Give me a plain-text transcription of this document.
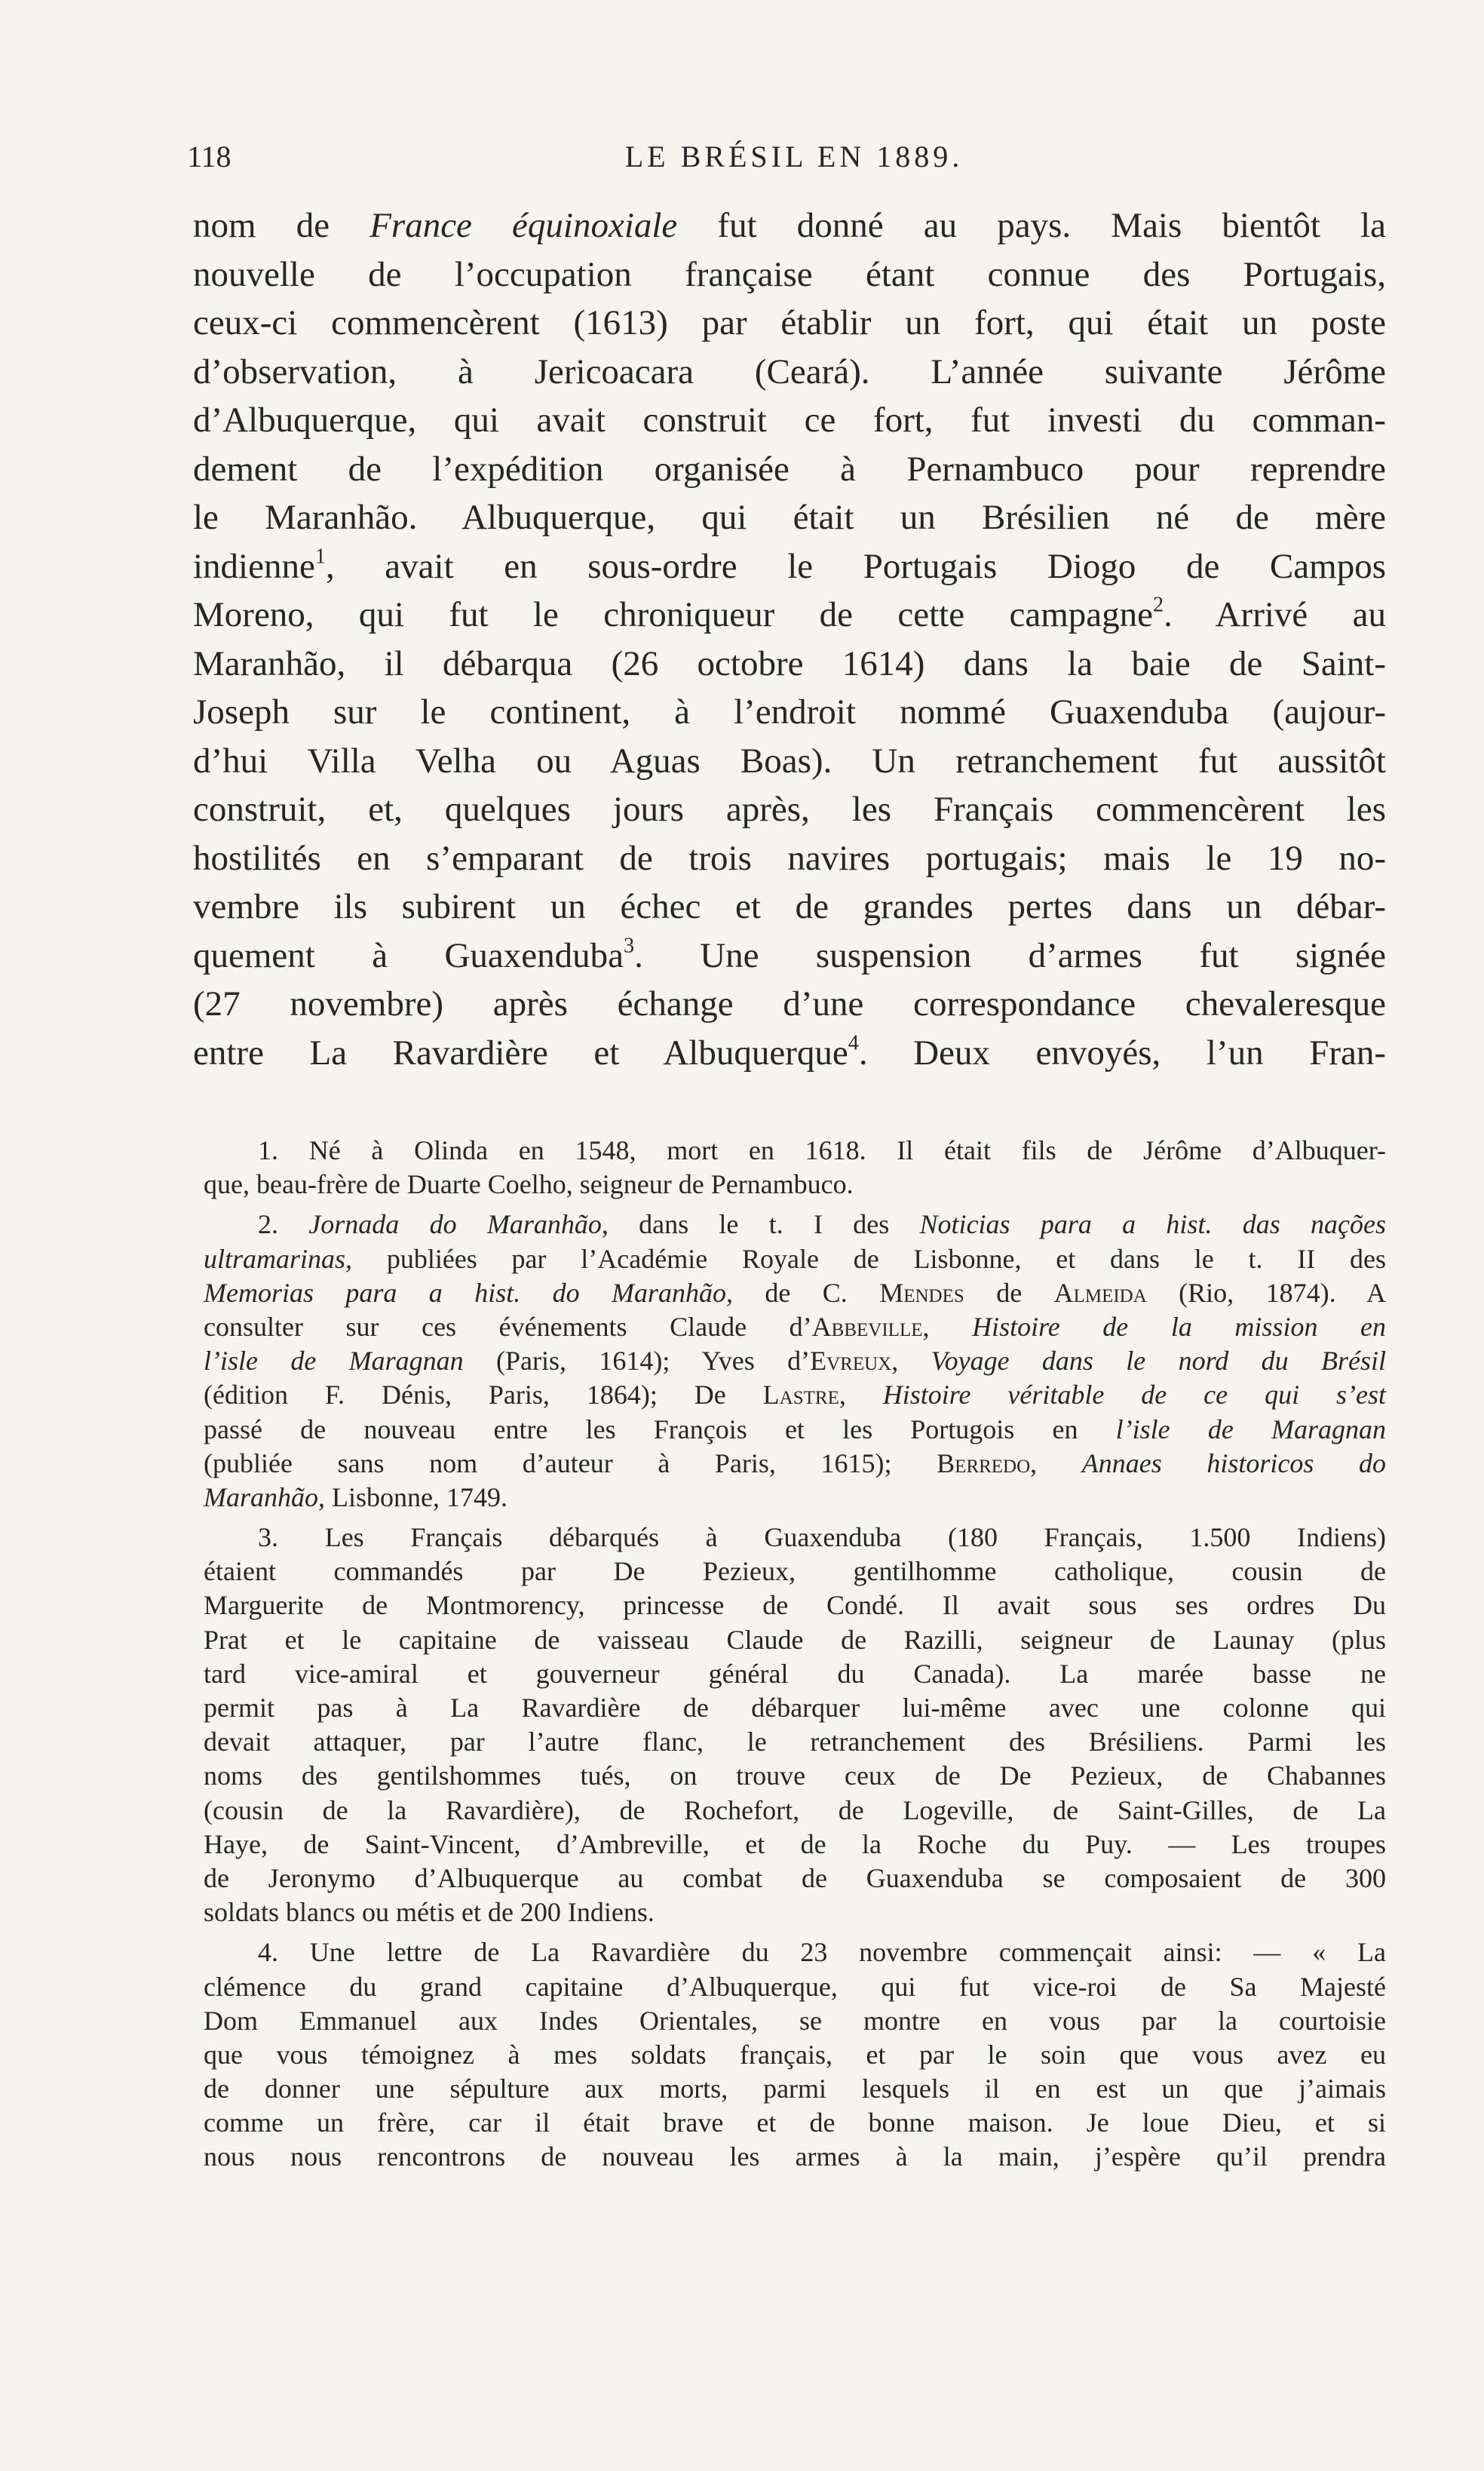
118	LE BRÉSIL EN 1889.
nom de France équinoxiale fut donné au pays. Mais bientôt la
nouvelle de l’occupation française étant connue des Portugais,
ceux-ci commencèrent (1613) par établir un fort, qui était un poste
d’observation, à Jericoacara (Ceará). L’année suivante Jérôme
d’Albuquerque, qui avait construit ce fort, fut investi du comman-
dement de l’expédition organisée à Pernambuco pour reprendre
le Maranhão. Albuquerque, qui était un Brésilien né de mère
indienne$^1$, avait en sous-ordre le Portugais Diogo de Campos
Moreno, qui fut le chroniqueur de cette campagne$^2$. Arrivé au
Maranhão, il débarqua (26 octobre 1614) dans la baie de Saint-
Joseph sur le continent, à l’endroit nommé Guaxenduba (aujour-
d’hui Villa Velha ou Aguas Boas). Un retranchement fut aussitôt
construit, et, quelques jours après, les Français commencèrent les
hostilités en s’emparant de trois navires portugais; mais le 19 no-
vembre ils subirent un échec et de grandes pertes dans un débar-
quement à Guaxenduba$^3$. Une suspension d’armes fut signée
(27 novembre) après échange d’une correspondance chevaleresque
entre La Ravardière et Albuquerque$^4$. Deux envoyés, l’un Fran-
1. Né à Olinda en 1548, mort en 1618. Il était fils de Jérôme d’Albuquer-
que, beau-frère de Duarte Coelho, seigneur de Pernambuco.
2. Jornada do Maranhão, dans le t. I des Noticias para a hist. das nações
ultramarinas, publiées par l’Académie Royale de Lisbonne, et dans le t. II des
Memorias para a hist. do Maranhão, de C. Mendes de Almeida (Rio, 1874). A
consulter sur ces événements Claude d’Abbeville, Histoire de la mission en
l’isle de Maragnan (Paris, 1614); Yves d’Evreux, Voyage dans le nord du Brésil
(édition F. Dénis, Paris, 1864); De Lastre, Histoire véritable de ce qui s’est
passé de nouveau entre les François et les Portugois en l’isle de Maragnan
(publiée sans nom d’auteur à Paris, 1615); Berredo, Annaes historicos do
Maranhão, Lisbonne, 1749.
3. Les Français débarqués à Guaxenduba (180 Français, 1.500 Indiens)
étaient commandés par De Pezieux, gentilhomme catholique, cousin de
Marguerite de Montmorency, princesse de Condé. Il avait sous ses ordres Du
Prat et le capitaine de vaisseau Claude de Razilli, seigneur de Launay (plus
tard vice-amiral et gouverneur général du Canada). La marée basse ne
permit pas à La Ravardière de débarquer lui-même avec une colonne qui
devait attaquer, par l’autre flanc, le retranchement des Brésiliens. Parmi les
noms des gentilshommes tués, on trouve ceux de De Pezieux, de Chabannes
(cousin de la Ravardière), de Rochefort, de Logeville, de Saint-Gilles, de La
Haye, de Saint-Vincent, d’Ambreville, et de la Roche du Puy. — Les troupes
de Jeronymo d’Albuquerque au combat de Guaxenduba se composaient de 300
soldats blancs ou métis et de 200 Indiens.
4. Une lettre de La Ravardière du 23 novembre commençait ainsi: — « La
clémence du grand capitaine d’Albuquerque, qui fut vice-roi de Sa Majesté
Dom Emmanuel aux Indes Orientales, se montre en vous par la courtoisie
que vous témoignez à mes soldats français, et par le soin que vous avez eu
de donner une sépulture aux morts, parmi lesquels il en est un que j’aimais
comme un frère, car il était brave et de bonne maison. Je loue Dieu, et si
nous nous rencontrons de nouveau les armes à la main, j’espère qu’il prendra
